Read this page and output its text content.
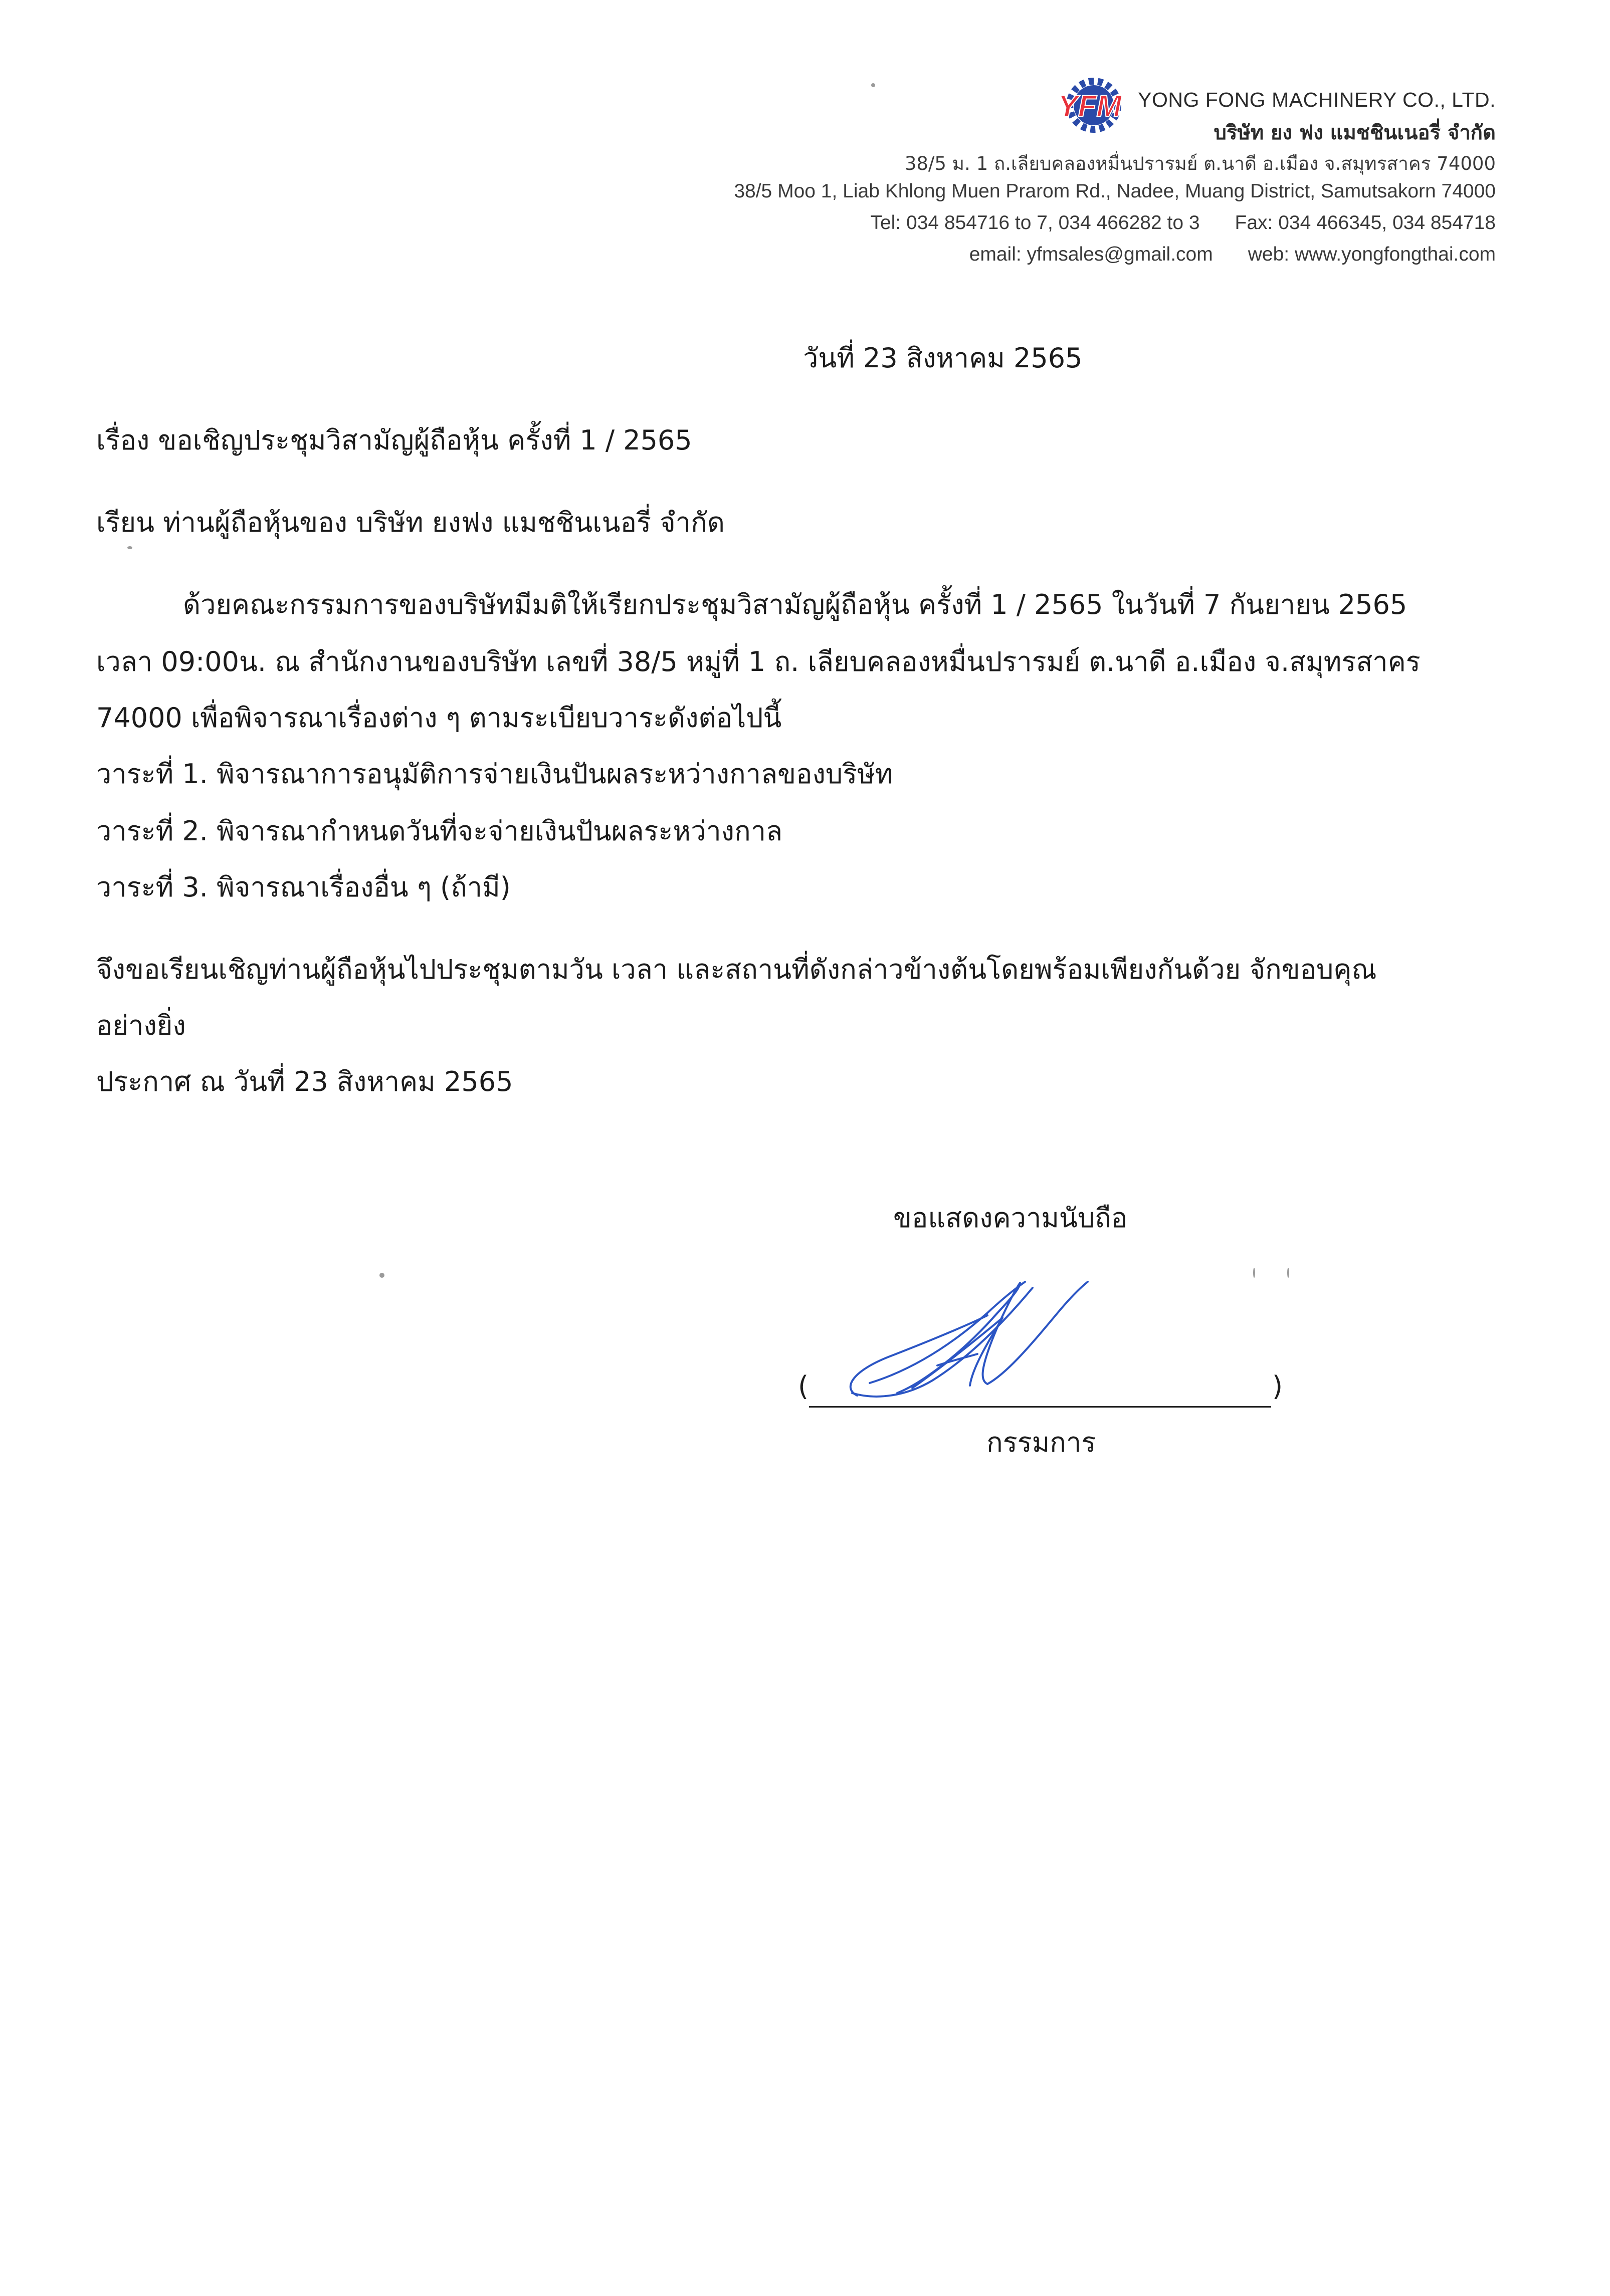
YFM YONG FONG MACHINERY CO., LTD.
บริษัท ยง ฟง แมชชินเนอรี่ จำกัด
38/5 ม. 1 ถ.เลียบคลองหมื่นปรารมย์ ต.นาดี อ.เมือง จ.สมุทรสาคร 74000
38/5 Moo 1, Liab Khlong Muen Prarom Rd., Nadee, Muang District, Samutsakorn 74000
Tel: 034 854716 to 7, 034 466282 to 3 Fax: 034 466345, 034 854718
email: yfmsales@gmail.com web: www.yongfongthai.com
วันที่ 23 สิงหาคม 2565
เรื่อง ขอเชิญประชุมวิสามัญผู้ถือหุ้น ครั้งที่ 1 / 2565
เรียน ท่านผู้ถือหุ้นของ บริษัท ยงฟง แมชชินเนอรี่ จำกัด
ด้วยคณะกรรมการของบริษัทมีมติให้เรียกประชุมวิสามัญผู้ถือหุ้น ครั้งที่ 1 / 2565 ในวันที่ 7 กันยายน 2565
เวลา 09:00น. ณ สำนักงานของบริษัท เลขที่ 38/5 หมู่ที่ 1 ถ. เลียบคลองหมื่นปรารมย์ ต.นาดี อ.เมือง จ.สมุทรสาคร
74000 เพื่อพิจารณาเรื่องต่าง ๆ ตามระเบียบวาระดังต่อไปนี้
วาระที่ 1. พิจารณาการอนุมัติการจ่ายเงินปันผลระหว่างกาลของบริษัท
วาระที่ 2. พิจารณากำหนดวันที่จะจ่ายเงินปันผลระหว่างกาล
วาระที่ 3. พิจารณาเรื่องอื่น ๆ (ถ้ามี)
จึงขอเรียนเชิญท่านผู้ถือหุ้นไปประชุมตามวัน เวลา และสถานที่ดังกล่าวข้างต้นโดยพร้อมเพียงกันด้วย จักขอบคุณ
อย่างยิ่ง
ประกาศ ณ วันที่ 23 สิงหาคม 2565
ขอแสดงความนับถือ
(	)
กรรมการ
